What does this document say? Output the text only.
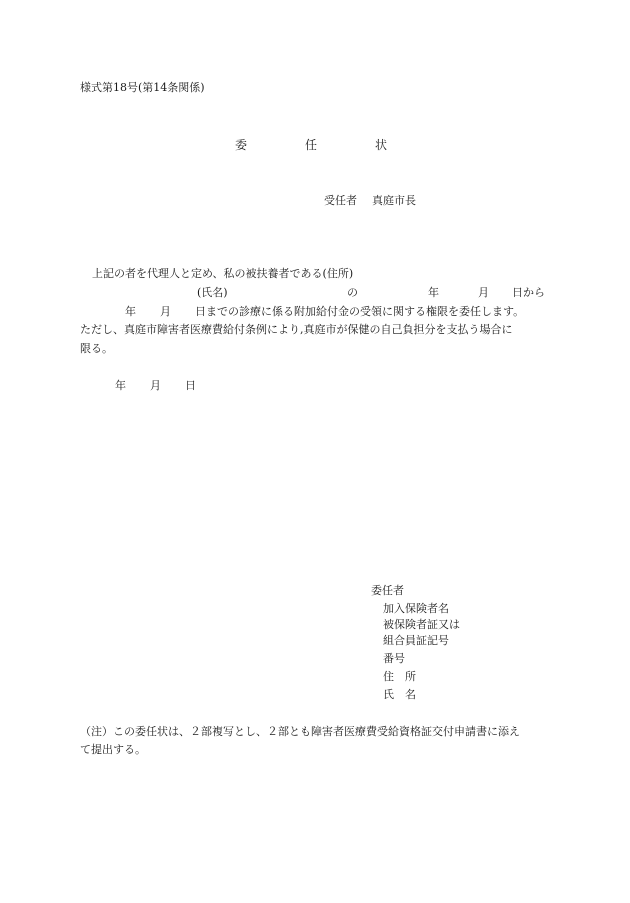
様式第18号(第14条関係)
委	任	状
受任者 真庭市長
上記の者を代理人と定め、私の被扶養者である(住所)
(氏名)	の	年	月 日から
年 月 日までの診療に係る附加給付金の受領に関する権限を委任します。
ただし、真庭市障害者医療費給付条例により,真庭市が保健の自己負担分を支払う場合に
限る。
年 月 日
委任者
加入保険者名
被保険者証又は
組合員証記号
番号
住　所
氏　名
（注）この委任状は、２部複写とし、２部とも障害者医療費受給資格証交付申請書に添え
て提出する。
